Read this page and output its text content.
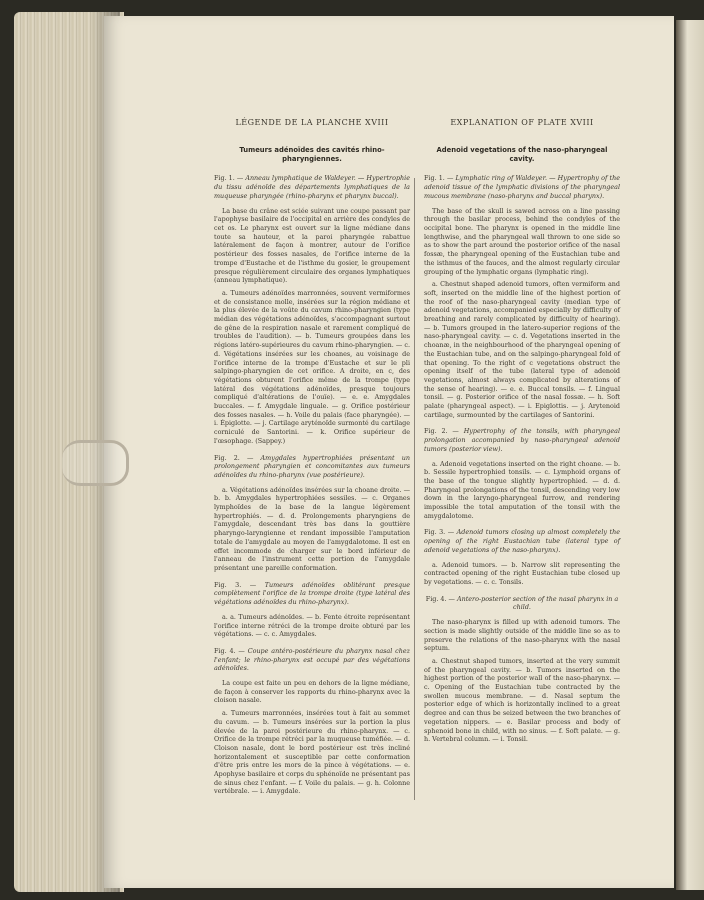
LÉGENDE DE LA PLANCHE XVIII
Tumeurs adénoïdes des cavités rhino-pharyngiennes.
Fig. 1. — Anneau lymphatique de Waldeyer. — Hypertrophie du tissu adénoïde des départements lymphatiques de la muqueuse pharyngée (rhino-pharynx et pharynx buccal).

La base du crâne est sciée suivant une coupe passant par l'apophyse basilaire de l'occipital en arrière des condyles de cet os. Le pharynx est ouvert sur la ligne médiane dans toute sa hauteur, et la paroi pharyngée rabattue latéralement de façon à montrer, autour de l'orifice postérieur des fosses nasales, de l'orifice interne de la trompe d'Eustache et de l'isthme du gosier, le groupement presque régulièrement circulaire des organes lymphatiques (anneau lymphatique).

a. Tumeurs adénoïdes marronnées, souvent vermiformes et de consistance molle, insérées sur la région médiane et la plus élevée de la voûte du cavum rhino-pharyngien (type médian des végétations adénoïdes, s'accompagnant surtout de gêne de la respiration nasale et rarement compliqué de troubles de l'audition). — b. Tumeurs groupées dans les régions latéro-supérieures du cavum rhino-pharyngien. — c. d. Végétations insérées sur les choanes, au voisinage de l'orifice interne de la trompe d'Eustache et sur le pli salpingo-pharyngien de cet orifice. A droite, en c, des végétations obturent l'orifice même de la trompe (type latéral des végétations adénoïdes, presque toujours compliqué d'altérations de l'ouïe). — e. e. Amygdales buccales. — f. Amygdale linguale. — g. Orifice postérieur des fosses nasales. — h. Voile du palais (face pharyngée). — i. Épiglotte. — j. Cartilage aryténoïde surmonté du cartilage corniculé de Santorini. — k. Orifice supérieur de l'œsophage. (Sappey.)

Fig. 2. — Amygdales hypertrophiées présentant un prolongement pharyngien et concomitantes aux tumeurs adénoïdes du rhino-pharynx (vue postérieure).

a. Végétations adénoïdes insérées sur la choane droite. — b. b. Amygdales hypertrophiées sessiles. — c. Organes lymphoïdes de la base de la langue légèrement hypertrophiés. — d. d. Prolongements pharyngiens de l'amygdale, descendant très bas dans la gouttière pharyngo-laryngienne et rendant impossible l'amputation totale de l'amygdale au moyen de l'amygdalotome. Il est en effet incommode de charger sur le bord inférieur de l'anneau de l'instrument cette portion de l'amygdale présentant une pareille conformation.

Fig. 3. — Tumeurs adénoïdes oblitérant presque complètement l'orifice de la trompe droite (type latéral des végétations adénoïdes du rhino-pharynx).

a. a. Tumeurs adénoïdes. — b. Fente étroite représentant l'orifice interne rétréci de la trompe droite obturé par les végétations. — c. c. Amygdales.

Fig. 4. — Coupe antéro-postérieure du pharynx nasal chez l'enfant; le rhino-pharynx est occupé par des végétations adénoïdes.

La coupe est faite un peu en dehors de la ligne médiane, de façon à conserver les rapports du rhino-pharynx avec la cloison nasale.

a. Tumeurs marronnées, insérées tout à fait au sommet du cavum. — b. Tumeurs insérées sur la portion la plus élevée de la paroi postérieure du rhino-pharynx. — c. Orifice de la trompe rétréci par la muqueuse tuméfiée. — d. Cloison nasale, dont le bord postérieur est très incliné horizontalement et susceptible par cette conformation d'être pris entre les mors de la pince à végétations. — e. Apophyse basilaire et corps du sphénoïde ne présentant pas de sinus chez l'enfant. — f. Voile du palais. — g. h. Colonne vertébrale. — i. Amygdale.

EXPLANATION OF PLATE XVIII
Adenoid vegetations of the naso-pharyngeal cavity.
Fig. 1. — Lymphatic ring of Waldeyer. — Hypertrophy of the adenoid tissue of the lymphatic divisions of the pharyngeal mucous membrane (naso-pharynx and buccal pharynx).

The base of the skull is sawed across on a line passing through the basilar process, behind the condyles of the occipital bone. The pharynx is opened in the middle line lengthwise, and the pharyngeal wall thrown to one side so as to show the part around the posterior orifice of the nasal fossæ, the pharyngeal opening of the Eustachian tube and the isthmus of the fauces, and the almost regularly circular grouping of the lymphatic organs (lymphatic ring).

a. Chestnut shaped adenoid tumors, often vermiform and soft, inserted on the middle line of the highest portion of the roof of the naso-pharyngeal cavity (median type of adenoid vegetations, accompanied especially by difficulty of breathing and rarely complicated by difficulty of hearing). — b. Tumors grouped in the latero-superior regions of the naso-pharyngeal cavity. — c. d. Vegetations inserted in the choanæ, in the neighbourhood of the pharyngeal opening of the Eustachian tube, and on the salpingo-pharyngeal fold of that opening. To the right of c vegetations obstruct the opening itself of the tube (lateral type of adenoid vegetations, almost always complicated by alterations of the sense of hearing). — e. e. Buccal tonsils. — f. Lingual tonsil. — g. Posterior orifice of the nasal fossæ. — h. Soft palate (pharyngeal aspect). — i. Epiglottis. — j. Arytenoid cartilage, surmounted by the cartilages of Santorini.

Fig. 2. — Hypertrophy of the tonsils, with pharyngeal prolongation accompanied by naso-pharyngeal adenoid tumors (posterior view).

a. Adenoid vegetations inserted on the right choane. — b. b. Sessile hypertrophied tonsils. — c. Lymphoid organs of the base of the tongue slightly hypertrophied. — d. d. Pharyngeal prolongations of the tonsil, descending very low down in the laryngo-pharyngeal furrow, and rendering impossible the total amputation of the tonsil with the amygdalotome.

Fig. 3. — Adenoid tumors closing up almost completely the opening of the right Eustachian tube (lateral type of adenoid vegetations of the naso-pharynx).

a. Adenoid tumors. — b. Narrow slit representing the contracted opening of the right Eustachian tube closed up by vegetations. — c. c. Tonsils.

Fig. 4. — Antero-posterior section of the nasal pharynx in a child.

The naso-pharynx is filled up with adenoid tumors. The section is made slightly outside of the middle line so as to preserve the relations of the naso-pharynx with the nasal septum.

a. Chestnut shaped tumors, inserted at the very summit of the pharyngeal cavity. — b. Tumors inserted on the highest portion of the posterior wall of the naso-pharynx. — c. Opening of the Eustachian tube contracted by the swollen mucous membrane. — d. Nasal septum the posterior edge of which is horizontally inclined to a great degree and can thus be seized between the two branches of vegetation nippers. — e. Basilar process and body of sphenoid bone in child, with no sinus. — f. Soft palate. — g. h. Vertebral column. — i. Tonsil.
